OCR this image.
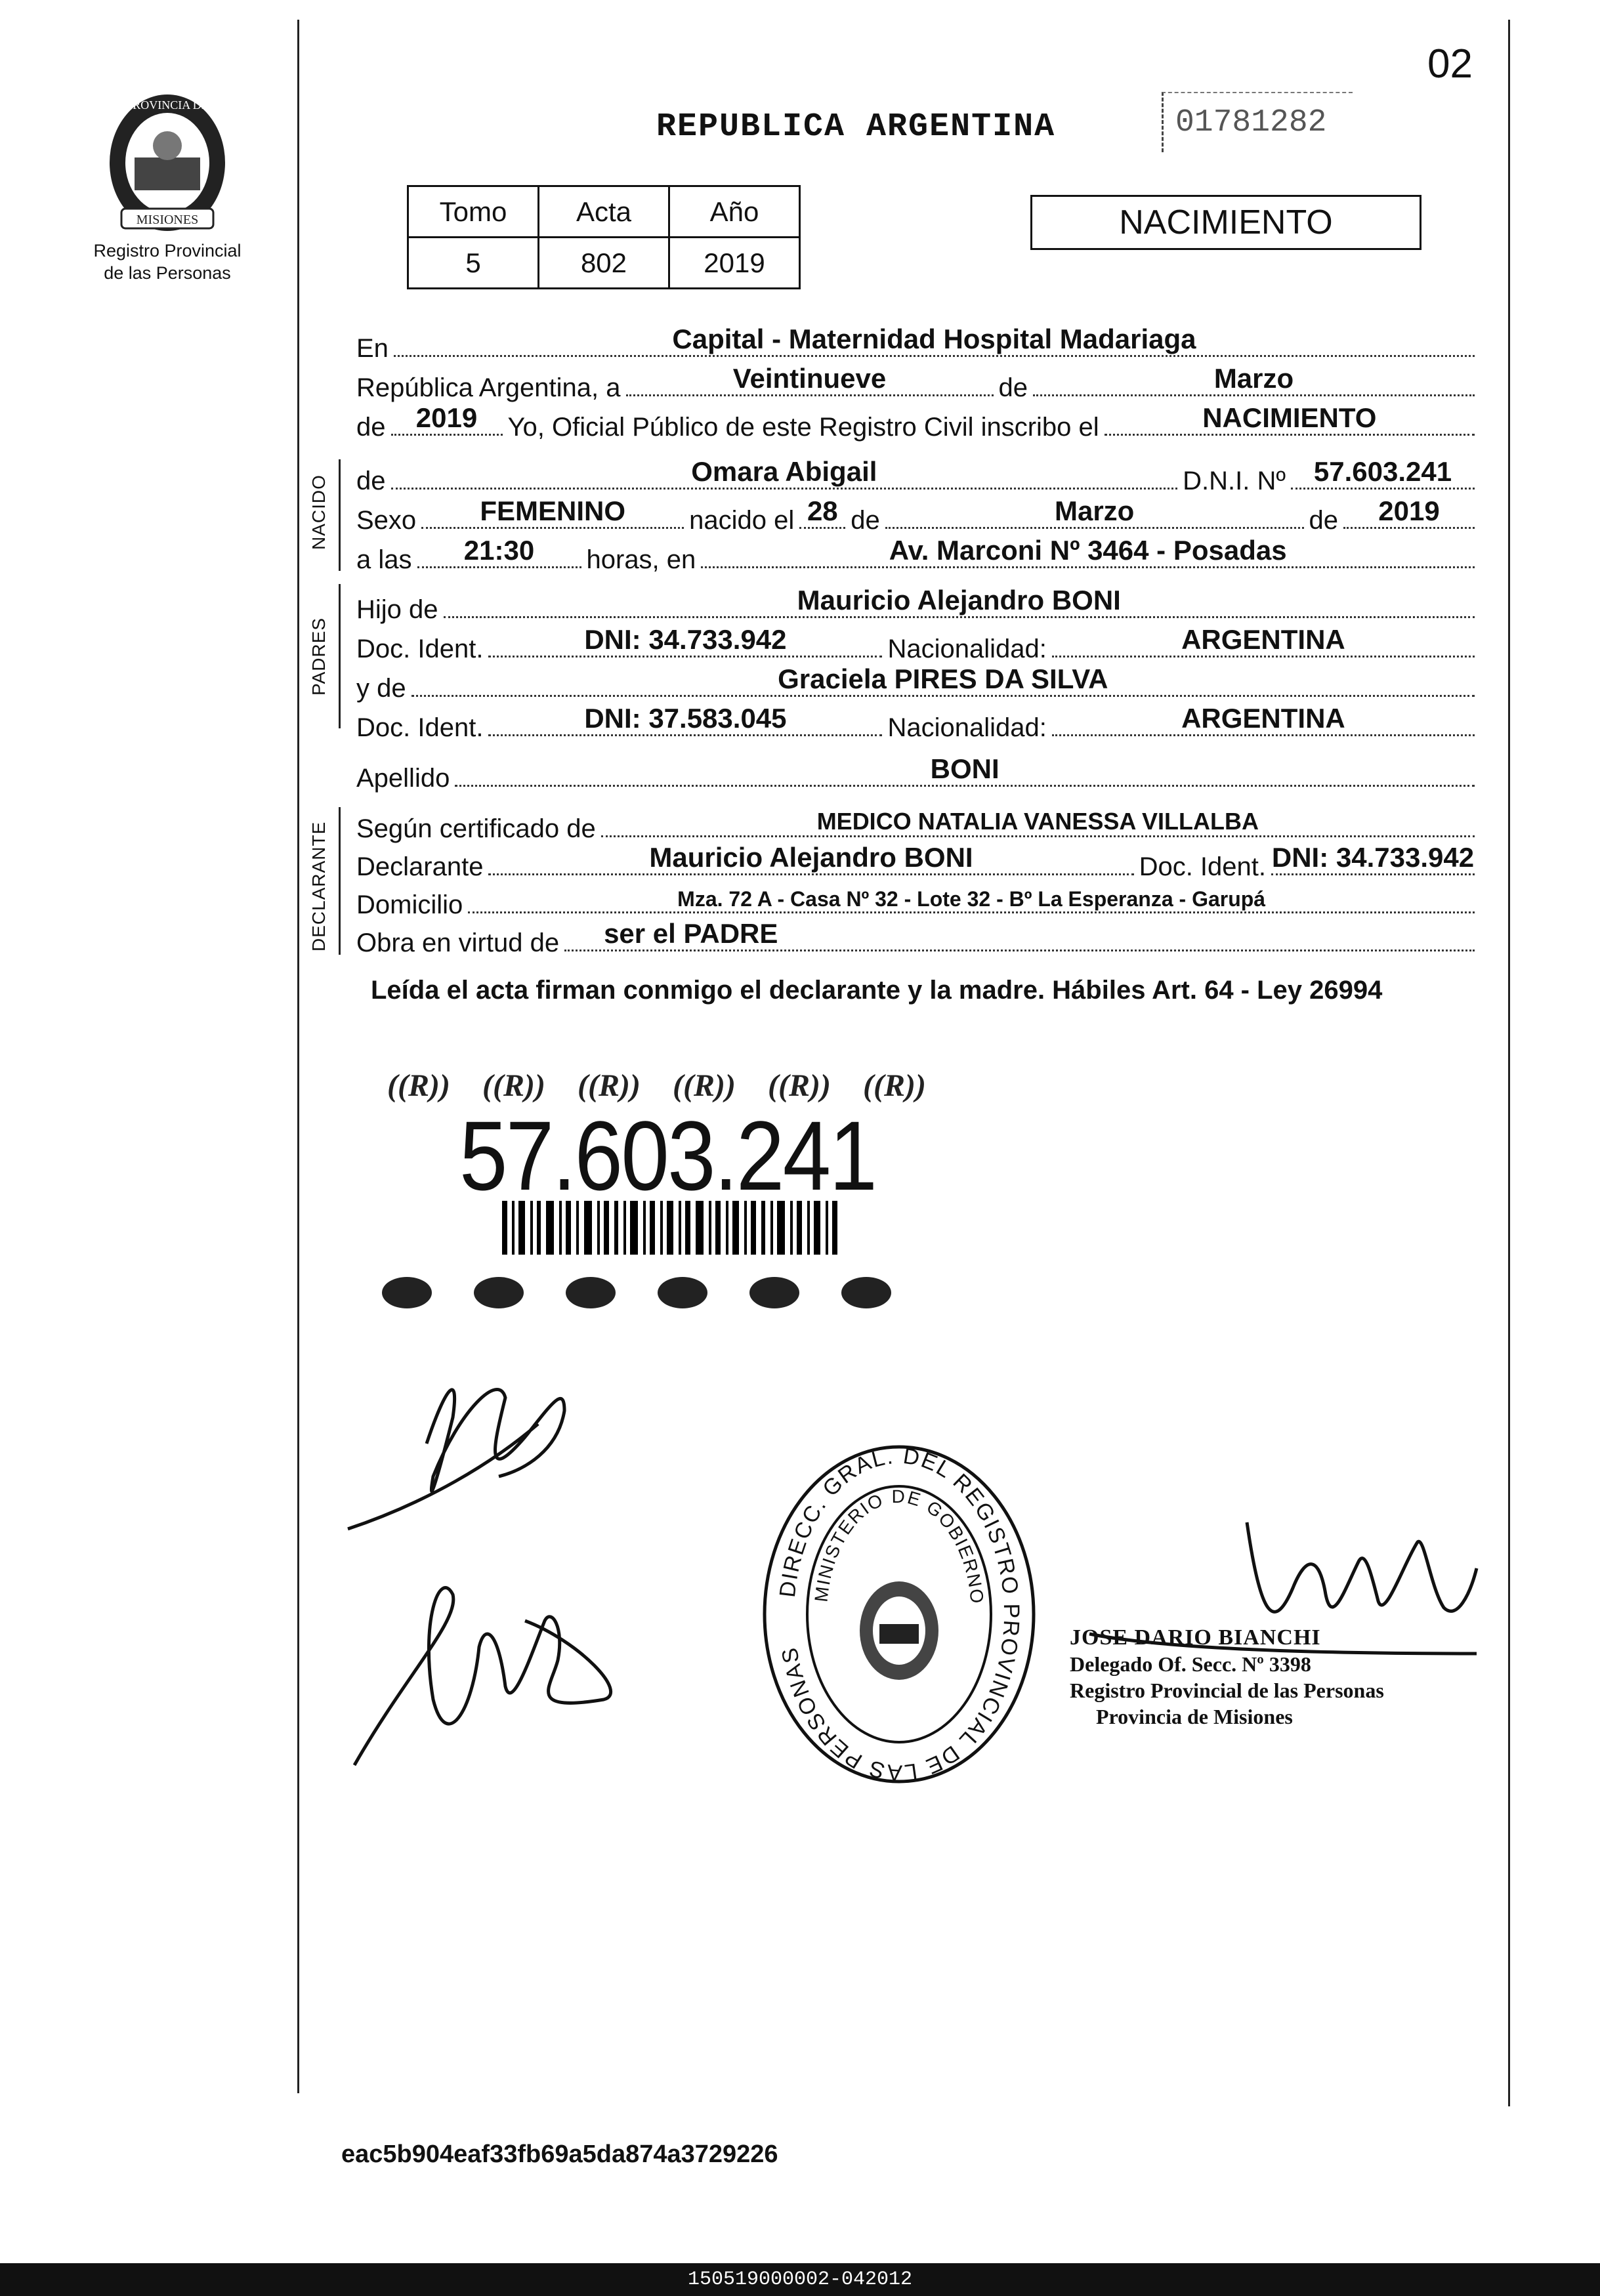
PROVINCIA DE
MISIONES
Registro Provincial
de las Personas
02
REPUBLICA ARGENTINA	01781282
Tomo	Acta	Año
5	802	2019
NACIMIENTO
En	Capital - Maternidad Hospital Madariaga
República Argentina, a	Veintinueve	de	Marzo
de	2019	Yo, Oficial Público de este Registro Civil inscribo el	NACIMIENTO
NACIDO de	Omara Abigail	D.N.I. Nº	57.603.241
Sexo	FEMENINO	nacido el 28 de	Marzo	de	2019
a las	21:30	horas, en	Av. Marconi Nº 3464 - Posadas
PADRES
Hijo de	Mauricio Alejandro BONI
Doc. Ident.	DNI: 34.733.942	Nacionalidad:	ARGENTINA
y de	Graciela PIRES DA SILVA
Doc. Ident.	DNI: 37.583.045	Nacionalidad:	ARGENTINA
Apellido	BONI
DECLARANTE Según certificado de	MEDICO NATALIA VANESSA VILLALBA
Declarante	Mauricio Alejandro BONI	Doc. Ident. DNI: 34.733.942
Domicilio	Mza. 72 A - Casa Nº 32 - Lote 32 - Bº La Esperanza - Garupá
Obra en virtud de	ser el PADRE
Leída el acta firman conmigo el declarante y la madre. Hábiles Art. 64 - Ley 26994
((R)) ((R)) ((R)) ((R)) ((R)) ((R))
57.603.241
DIRECC. GRAL. DEL REGISTRO PROVINCIAL DE LAS PERSONAS
MINISTERIO DE GOBIERNO
JOSE DARIO BIANCHI
Delegado Of. Secc. Nº 3398
Registro Provincial de las Personas
Provincia de Misiones
eac5b904eaf33fb69a5da874a3729226
150519000002-042012
